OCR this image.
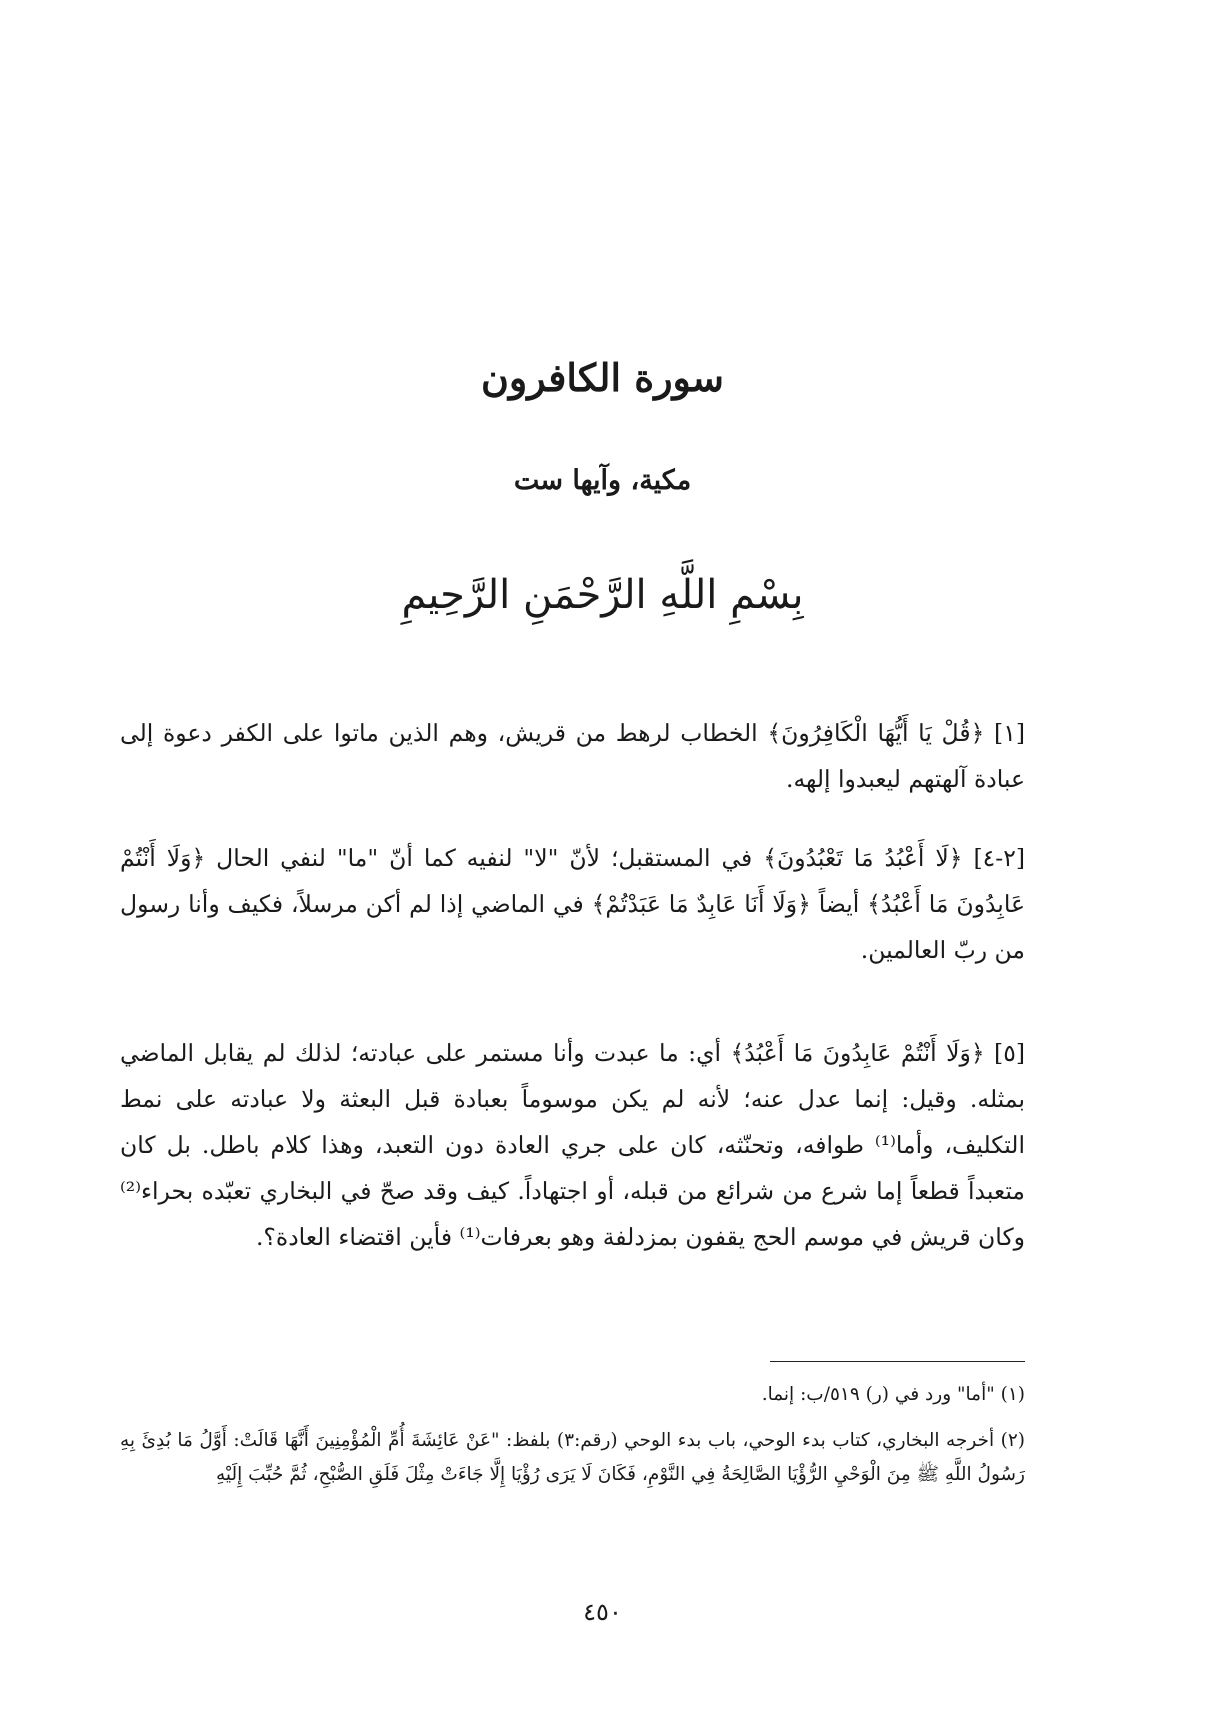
سورة الكافرون
مكية، وآيها ست
بِسْمِ اللَّهِ الرَّحْمَنِ الرَّحِيمِ

[١] ﴿قُلْ يَا أَيُّهَا الْكَافِرُونَ﴾ الخطاب لرهط من قريش، وهم الذين ماتوا على الكفر دعوة إلى عبادة آلهتهم ليعبدوا إلهه.

[٢-٤] ﴿لَا أَعْبُدُ مَا تَعْبُدُونَ﴾ في المستقبل؛ لأنّ "لا" لنفيه كما أنّ "ما" لنفي الحال ﴿وَلَا أَنْتُمْ عَابِدُونَ مَا أَعْبُدُ﴾ أيضاً ﴿وَلَا أَنَا عَابِدٌ مَا عَبَدْتُمْ﴾ في الماضي إذا لم أكن مرسلاً، فكيف وأنا رسول من ربّ العالمين.

[٥] ﴿وَلَا أَنْتُمْ عَابِدُونَ مَا أَعْبُدُ﴾ أي: ما عبدت وأنا مستمر على عبادته؛ لذلك لم يقابل الماضي بمثله. وقيل: إنما عدل عنه؛ لأنه لم يكن موسوماً بعبادة قبل البعثة ولا عبادته على نمط التكليف، وأما⁽¹⁾ طوافه، وتحنّثه، كان على جري العادة دون التعبد، وهذا كلام باطل. بل كان متعبداً قطعاً إما شرع من شرائع من قبله، أو اجتهاداً. كيف وقد صحّ في البخاري تعبّده بحراء⁽²⁾ وكان قريش في موسم الحج يقفون بمزدلفة وهو بعرفات⁽¹⁾ فأين اقتضاء العادة؟.

(١) "أما" ورد في (ر) ٥١٩/ب: إنما.

(٢) أخرجه البخاري، كتاب بدء الوحي، باب بدء الوحي (رقم:٣) بلفظ: "عَنْ عَائِشَةَ أُمِّ الْمُؤْمِنِينَ أَنَّهَا قَالَتْ: أَوَّلُ مَا بُدِئَ بِهِ رَسُولُ اللَّهِ ﷺ مِنَ الْوَحْيِ الرُّؤْيَا الصَّالِحَةُ فِي النَّوْمِ، فَكَانَ لَا يَرَى رُؤْيَا إِلَّا جَاءَتْ مِثْلَ فَلَقِ الصُّبْحِ، ثُمَّ حُبِّبَ إِلَيْهِ

٤٥٠
